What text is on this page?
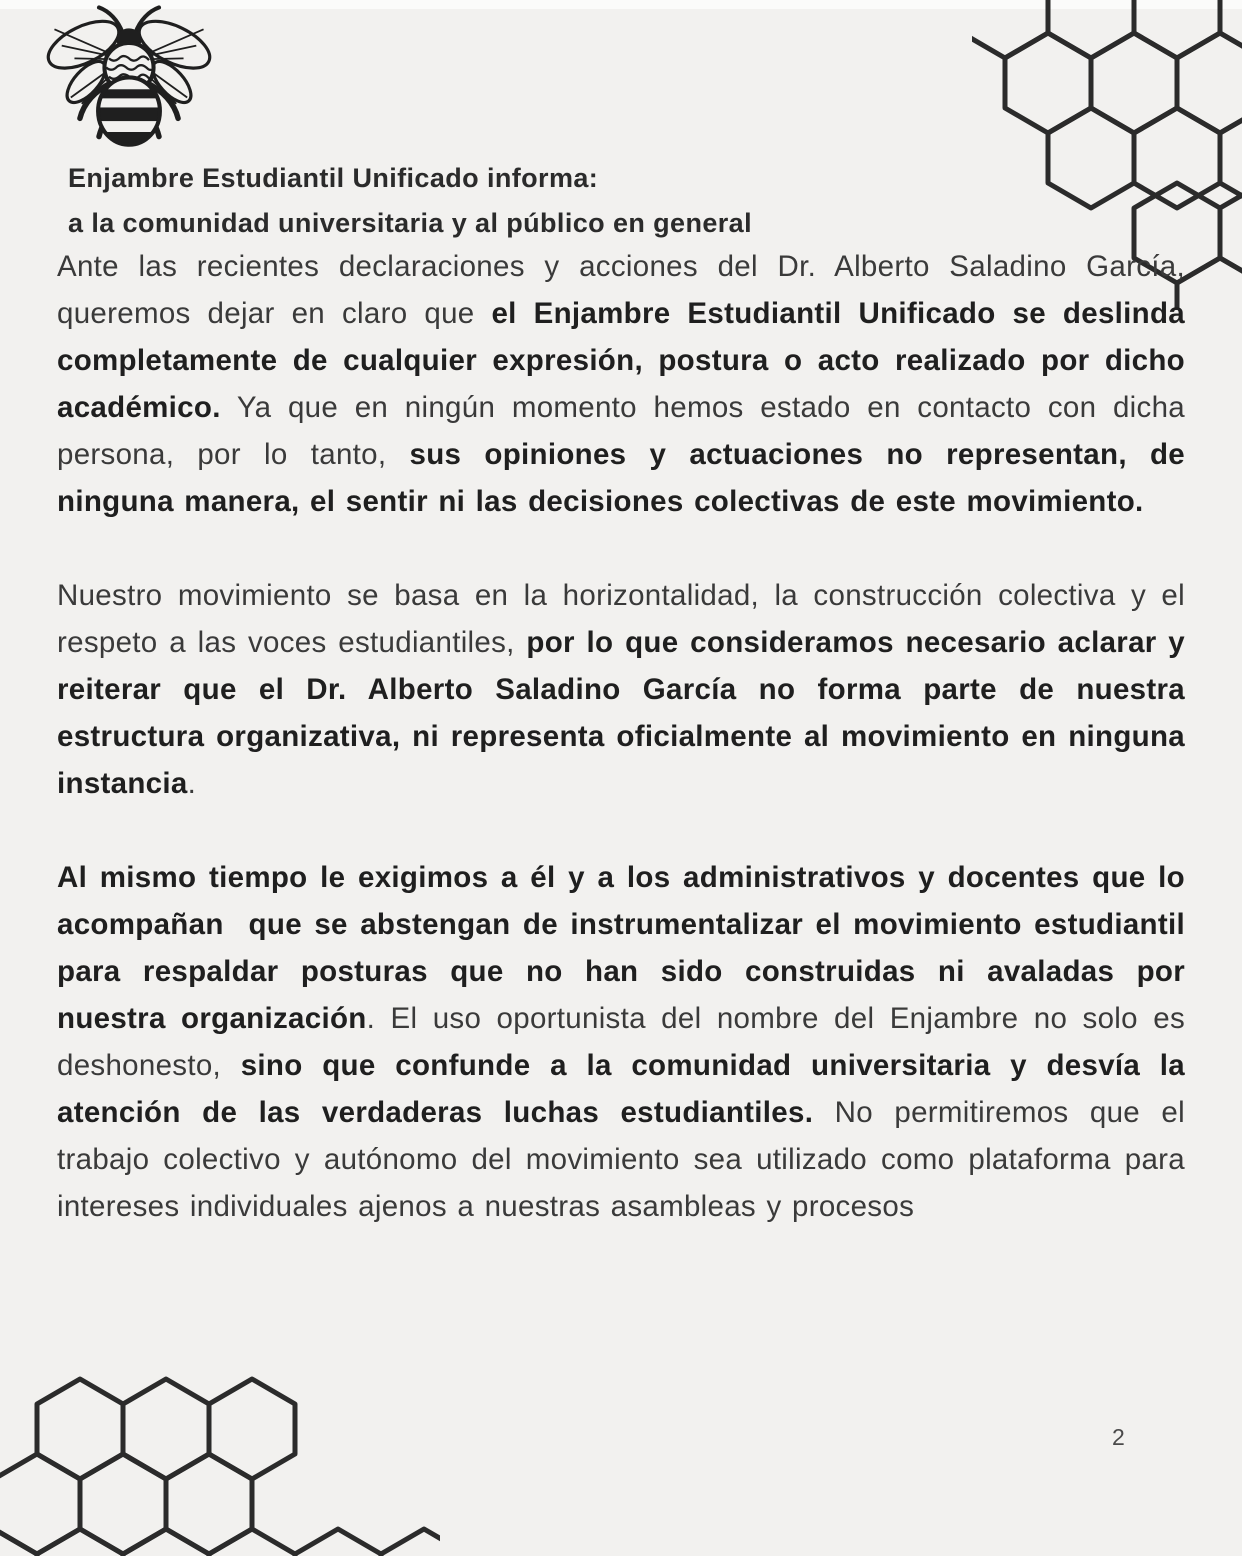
Enjambre Estudiantil Unificado informa:
a la comunidad universitaria y al público en general

Ante las recientes declaraciones y acciones del Dr. Alberto Saladino García, queremos dejar en claro que el Enjambre Estudiantil Unificado se deslinda completamente de cualquier expresión, postura o acto realizado por dicho académico. Ya que en ningún momento hemos estado en contacto con dicha persona, por lo tanto, sus opiniones y actuaciones no representan, de ninguna manera, el sentir ni las decisiones colectivas de este movimiento.

Nuestro movimiento se basa en la horizontalidad, la construcción colectiva y el respeto a las voces estudiantiles, por lo que consideramos necesario aclarar y reiterar que el Dr. Alberto Saladino García no forma parte de nuestra estructura organizativa, ni representa oficialmente al movimiento en ninguna instancia.

Al mismo tiempo le exigimos a él y a los administrativos y docentes que lo acompañan  que se abstengan de instrumentalizar el movimiento estudiantil para respaldar posturas que no han sido construidas ni avaladas por nuestra organización. El uso oportunista del nombre del Enjambre no solo es deshonesto, sino que confunde a la comunidad universitaria y desvía la atención de las verdaderas luchas estudiantiles. No permitiremos que el trabajo colectivo y autónomo del movimiento sea utilizado como plataforma para intereses individuales ajenos a nuestras asambleas y procesos

2
